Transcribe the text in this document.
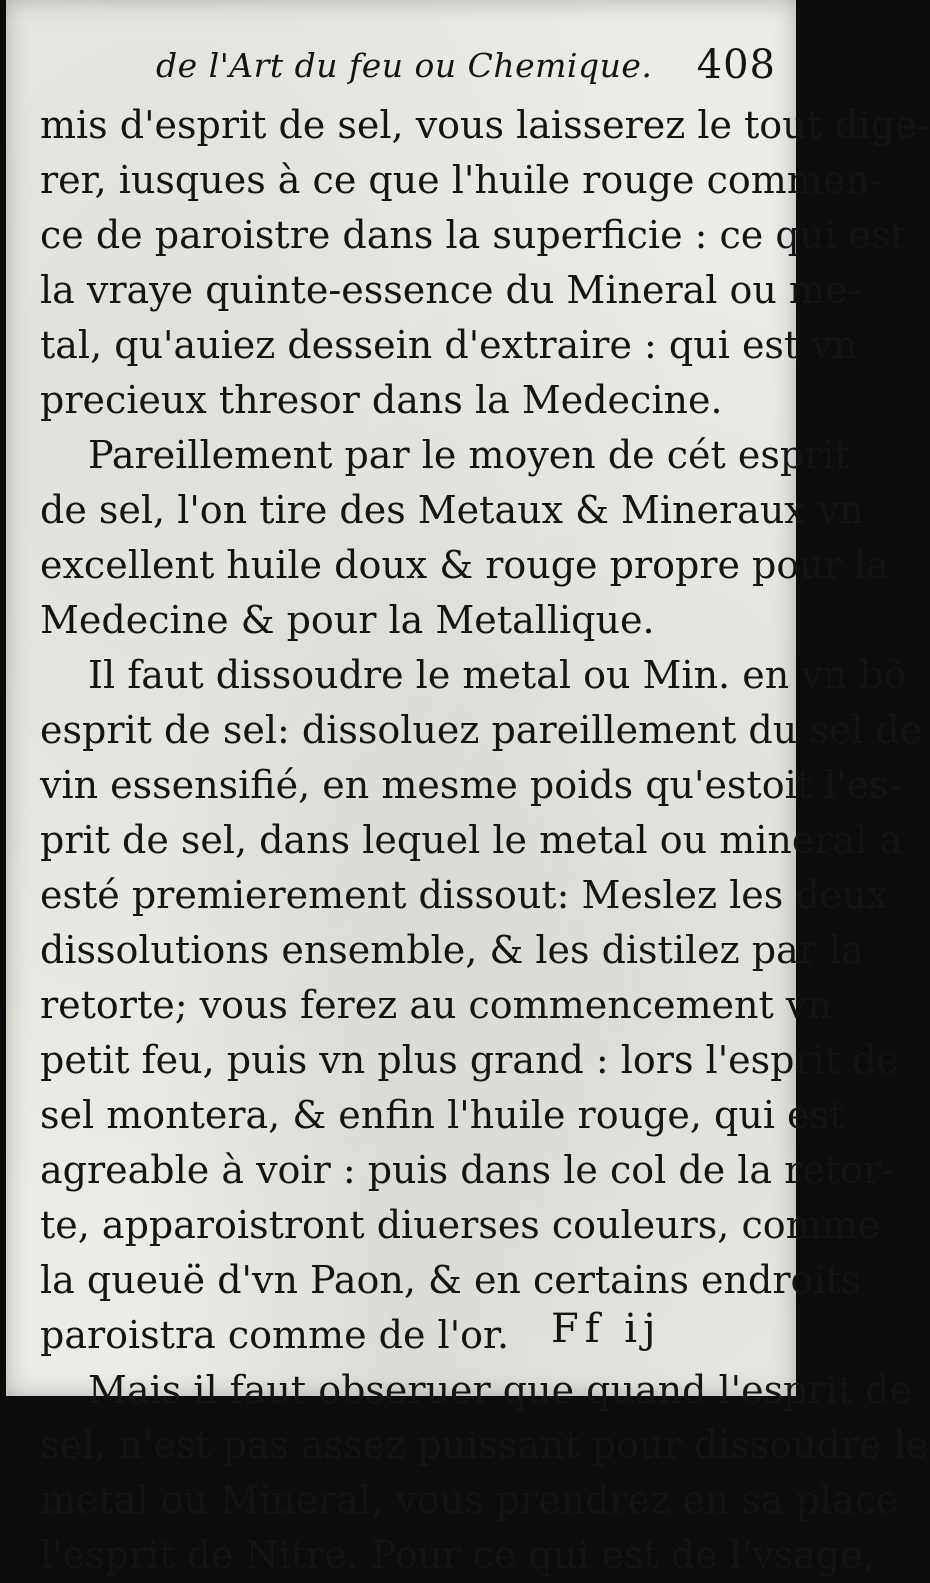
de l'Art du feu ou Chemique. 408
mis d'esprit de sel, vous laisserez le tout dige-
rer, iusques à ce que l'huile rouge commen-
ce de paroistre dans la superficie : ce qui est
la vraye quinte-essence du Mineral ou me-
tal, qu'auiez dessein d'extraire : qui est vn
precieux thresor dans la Medecine.
Pareillement par le moyen de cét esprit
de sel, l'on tire des Metaux & Mineraux vn
excellent huile doux & rouge propre pour la
Medecine & pour la Metallique.
Il faut dissoudre le metal ou Min. en vn bõ
esprit de sel: dissoluez pareillement du sel de
vin essensifié, en mesme poids qu'estoit l'es-
prit de sel, dans lequel le metal ou mineral a
esté premierement dissout: Meslez les deux
dissolutions ensemble, & les distilez par la
retorte; vous ferez au commencement vn
petit feu, puis vn plus grand : lors l'esprit de
sel montera, & enfin l'huile rouge, qui est
agreable à voir : puis dans le col de la retor-
te, apparoistront diuerses couleurs, comme
la queuë d'vn Paon, & en certains endroits
paroistra comme de l'or.
Mais il faut obseruer que quand l'esprit de
sel, n'est pas assez puissant pour dissoudre le
metal ou Mineral, vous prendrez en sa place
l'esprit de Nitre. Pour ce qui est de l'vsage,
Ff ij
